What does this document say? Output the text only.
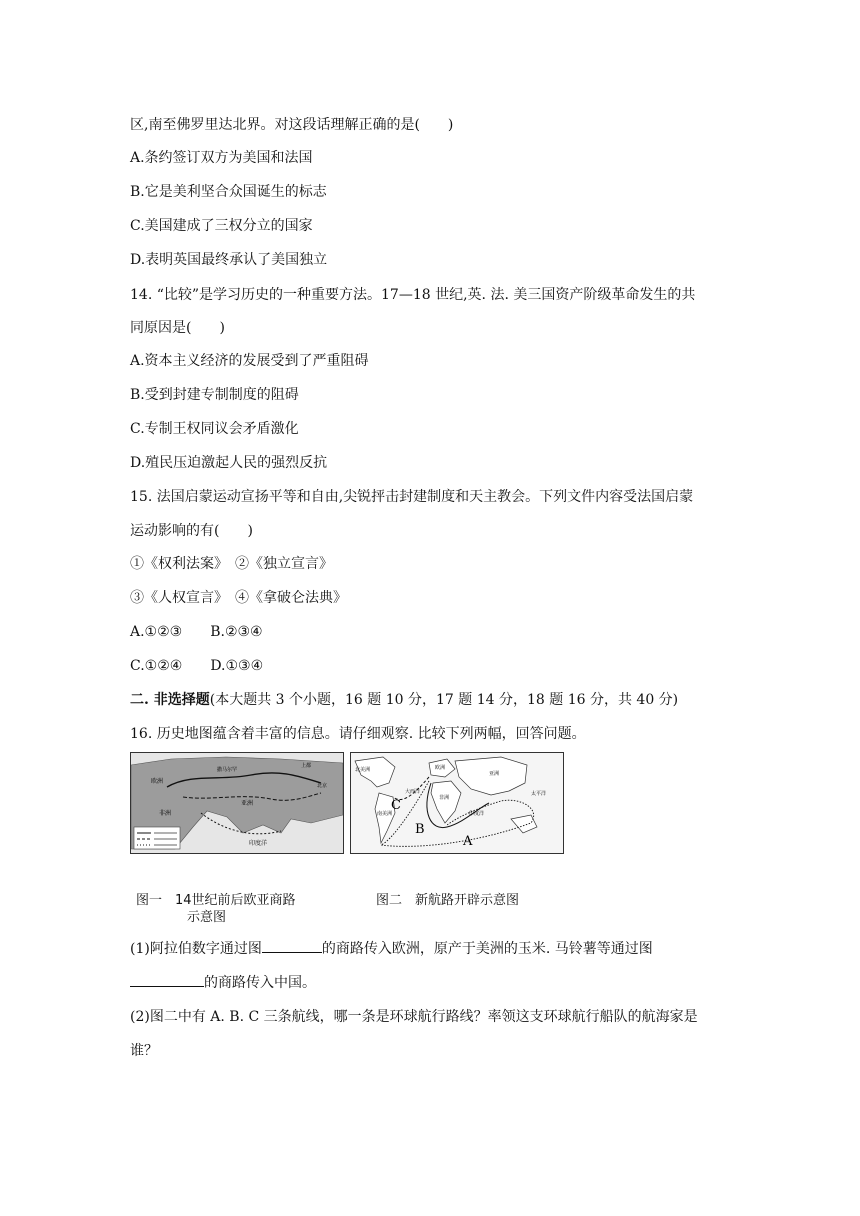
区,南至佛罗里达北界。对这段话理解正确的是(　　)
A.条约签订双方为美国和法国
B.它是美利坚合众国诞生的标志
C.美国建成了三权分立的国家
D.表明英国最终承认了美国独立
14. “比较”是学习历史的一种重要方法。17—18 世纪,英. 法. 美三国资产阶级革命发生的共
同原因是(　　)
A.资本主义经济的发展受到了严重阻碍
B.受到封建专制制度的阻碍
C.专制王权同议会矛盾激化
D.殖民压迫激起人民的强烈反抗
15. 法国启蒙运动宣扬平等和自由,尖锐抨击封建制度和天主教会。下列文件内容受法国启蒙
运动影响的有(　　)
①《权利法案》　②《独立宣言》
③《人权宣言》　④《拿破仑法典》
A.①②③　　B.②③④
C.①②④　　D.①③④
二. 非选择题(本大题共 3 个小题，16 题 10 分，17 题 14 分，18 题 16 分，共 40 分)
16. 历史地图蕴含着丰富的信息。请仔细观察. 比较下列两幅，回答问题。
欧洲
亚洲
非洲
上都
北京
撒马尔罕
印度洋
北美洲	欧洲
亚洲
非洲
南美洲
太平洋
大西洋
印度洋
A
B
C
图一　14世纪前后欧亚商路
示意图
图二　新航路开辟示意图
(1)阿拉伯数字通过图	的商路传入欧洲，原产于美洲的玉米. 马铃薯等通过图
的商路传入中国。
(2)图二中有 A. B. C 三条航线，哪一条是环球航行路线？率领这支环球航行船队的航海家是
谁？
